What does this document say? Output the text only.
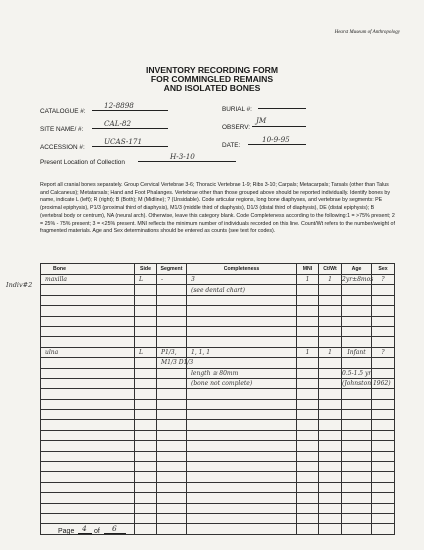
Hearst Museum of Anthropology
INVENTORY RECORDING FORM
FOR COMMINGLED REMAINS
AND ISOLATED BONES
CATALOGUE #:
12-8898
SITE NAME/ #:
CAL-82
ACCESSION #:
UCAS-171
BURIAL #:
OBSERV:
JM
DATE:
10-9-95
Present Location of Collection
H-3-10
Report all cranial bones separately. Group Cervical Vertebrae 3-6; Thoracic Vertebrae 1-9; Ribs 3-10; Carpals; Metacarpals; Tarsals (other than Talus and Calcaneus); Metatarsals; Hand and Foot Phalanges. Vertebrae other than those grouped above should be reported individually. Identify bones by name, indicate L (left); R (right); B (Both); M (Midline); ? (Unsidable). Code articular regions, long bone diaphyses, and vertebrae by segments: PE (proximal epiphysis), P1/3 (proximal third of diaphysis), M1/3 (middle third of diaphysis), D1/3 (distal third of diaphysis), DE (distal epiphysis); B (vertebral body or centrum), NA (neural arch). Otherwise, leave this category blank. Code Completeness according to the following:1 = >75% present; 2 = 25% - 75% present; 3 = <25% present. MNI reflects the minimum number of individuals recorded on this line. Count/Wt refers to the number/weight of fragmented materials. Age and Sex determinations should be entered as counts (see text for codes).
Indiv#2
Bone	Side	Segment	Completeness	MNI	Ct/Wt	Age	Sex
maxilla	L	-	3	1	1	2yr±8mos	?
			(see dental chart)				

ulna	L	P1/3,	1, 1, 1	1	1	Infant	?
		M1/3 D1/3					
			length ≅ 80mm			0.5-1.5 yr	
			(bone not complete)			(Johnston 1962)	

Page 4 of 6
